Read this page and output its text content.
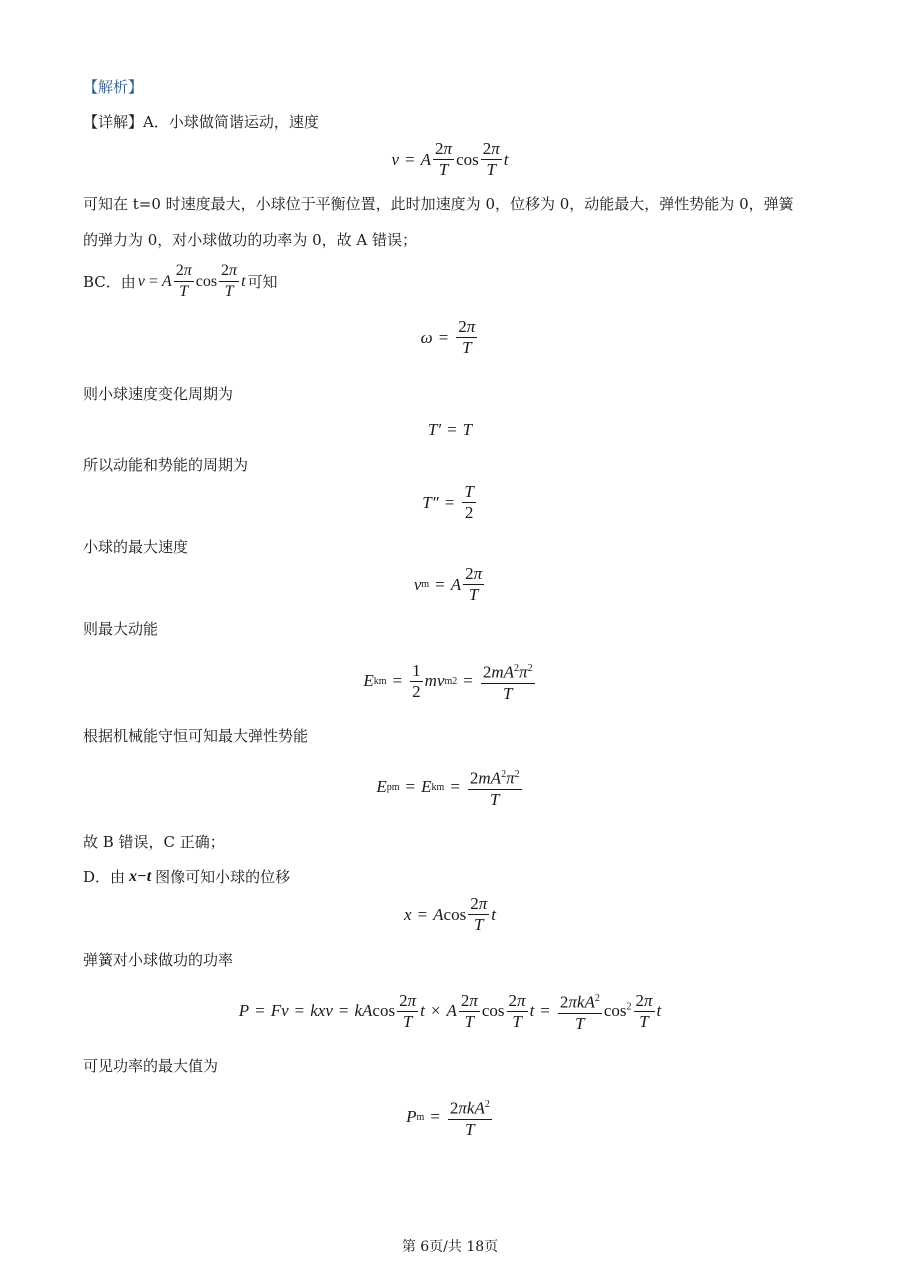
【解析】
【详解】A．小球做简谐运动，速度
v = A $\frac{2\pi}{T}$ $\cos \frac{2\pi}{T}$ t
可知在 t=0 时速度最大，小球位于平衡位置，此时加速度为 0，位移为 0，动能最大，弹性势能为 0，弹簧
的弹力为 0，对小球做功的功率为 0，故 A 错误；
BC．由 v = A $\frac{2\pi}{T}$ $\cos \frac{2\pi}{T}$ t 可知
$\omega = \frac{2\pi}{T}$
则小球速度变化周期为
T′ = T
所以动能和势能的周期为
$T'' = \frac{T}{2}$
小球的最大速度
v m = A $\frac{2\pi}{T}$
则最大动能
E km = $\frac{1}{2}$ mv m $2 = \frac{2mA^2\pi^2}{T}$
根据机械能守恒可知最大弹性势能
E pm = E km = $\frac{2mA^2\pi^2}{T}$
故 B 错误，C 正确；
D．由 x−t 图像可知小球的位移
x = A $\cos \frac{2\pi}{T}$ t
弹簧对小球做功的功率
P = Fv = kxv = kA $\cos \frac{2\pi}{T}$ t × A $\frac{2\pi}{T}$ $\cos \frac{2\pi}{T}$ $t = \frac{2\pi kA^2}{T} \cos^2 \frac{2\pi}{T}$ t
可见功率的最大值为
P $m = \frac{2\pi kA^2}{T}$
第 6页/共 18页
